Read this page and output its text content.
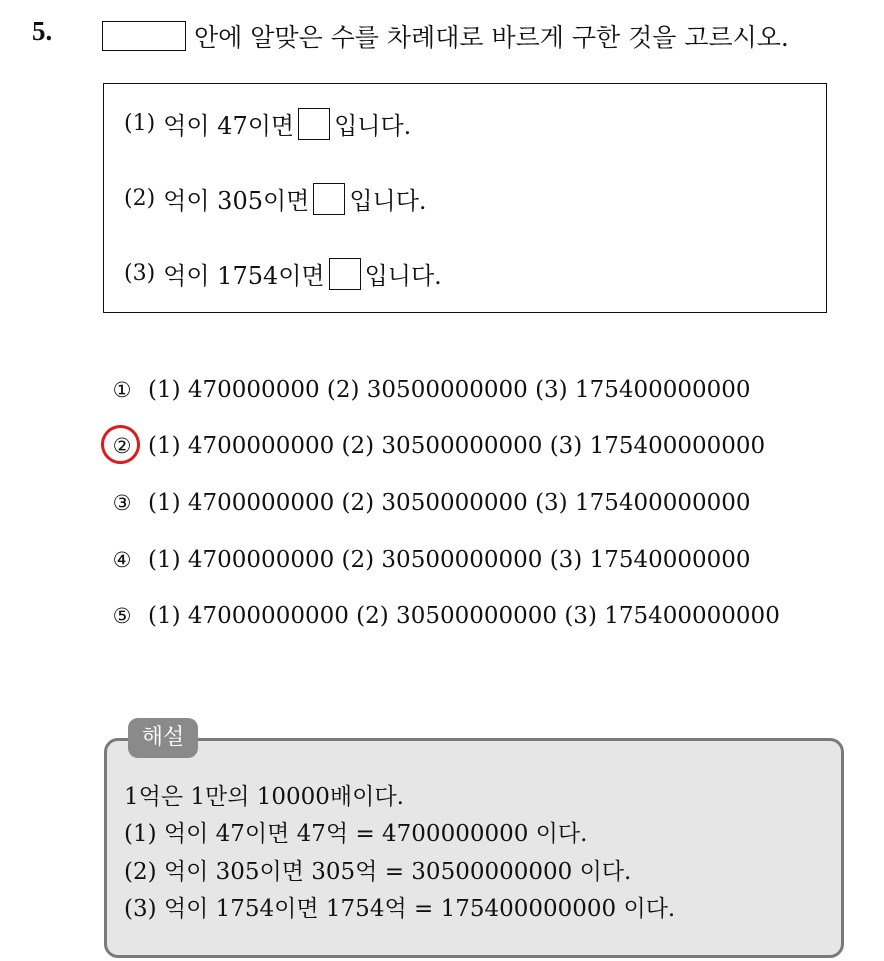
5.	안에 알맞은 수를 차례대로 바르게 구한 것을 고르시오.
(1) 억이 47이면 입니다.
(2) 억이 305이면 입니다.
(3) 억이 1754이면 입니다.
① (1) 470000000 (2) 30500000000 (3) 175400000000
② (1) 4700000000 (2) 30500000000 (3) 175400000000
③ (1) 4700000000 (2) 3050000000 (3) 175400000000
④ (1) 4700000000 (2) 30500000000 (3) 17540000000
⑤ (1) 47000000000 (2) 30500000000 (3) 175400000000
해설
1억은 1만의 10000배이다.
(1) 억이 47이면 47억 = 4700000000 이다.
(2) 억이 305이면 305억 = 30500000000 이다.
(3) 억이 1754이면 1754억 = 175400000000 이다.
